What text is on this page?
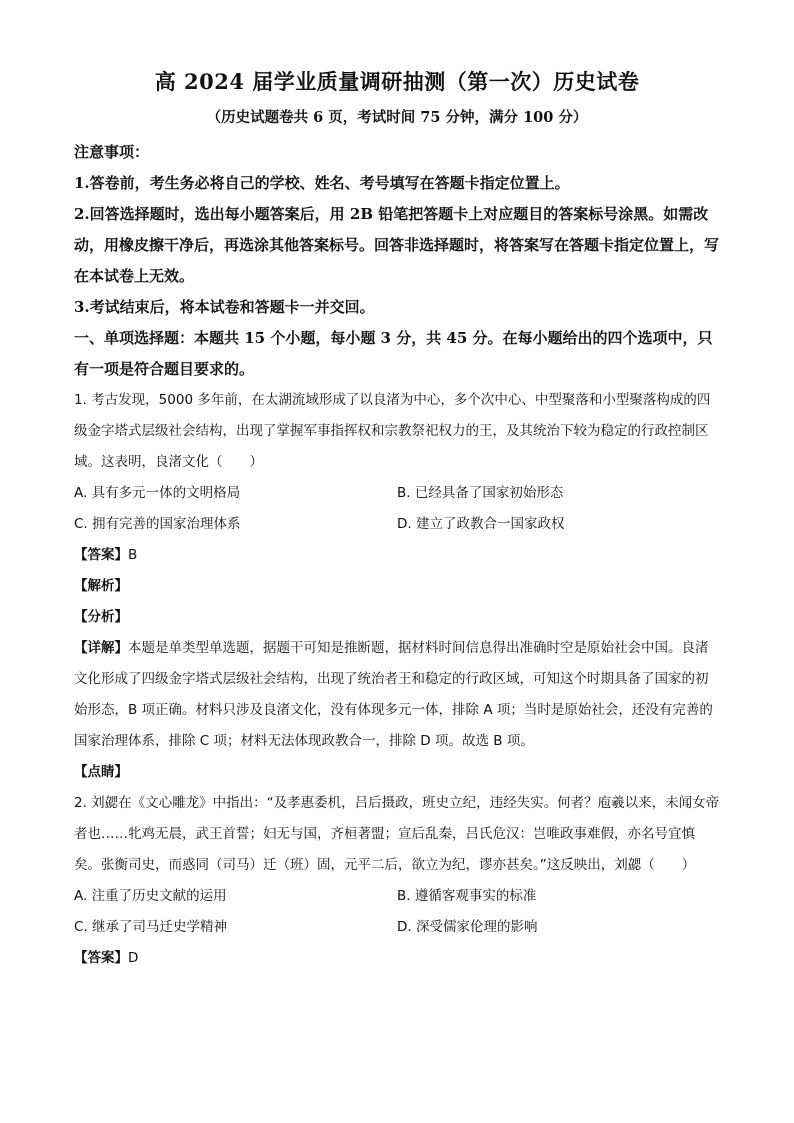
高 2024 届学业质量调研抽测（第一次）历史试卷
（历史试题卷共 6 页，考试时间 75 分钟，满分 100 分）

注意事项：

1.答卷前，考生务必将自己的学校、姓名、考号填写在答题卡指定位置上。

2.回答选择题时，选出每小题答案后，用 2B 铅笔把答题卡上对应题目的答案标号涂黑。如需改动，用橡皮擦干净后，再选涂其他答案标号。回答非选择题时，将答案写在答题卡指定位置上，写在本试卷上无效。

3.考试结束后，将本试卷和答题卡一并交回。

一、单项选择题：本题共 15 个小题，每小题 3 分，共 45 分。在每小题给出的四个选项中，只有一项是符合题目要求的。

1. 考古发现，5000 多年前，在太湖流域形成了以良渚为中心，多个次中心、中型聚落和小型聚落构成的四级金字塔式层级社会结构，出现了掌握军事指挥权和宗教祭祀权力的王，及其统治下较为稳定的行政控制区域。这表明，良渚文化（　　）

A. 具有多元一体的文明格局	B. 已经具备了国家初始形态
C. 拥有完善的国家治理体系	D. 建立了政教合一国家政权

【答案】B

【解析】

【分析】

【详解】本题是单类型单选题，据题干可知是推断题，据材料时间信息得出准确时空是原始社会中国。良渚文化形成了四级金字塔式层级社会结构，出现了统治者王和稳定的行政区域，可知这个时期具备了国家的初始形态，B 项正确。材料只涉及良渚文化，没有体现多元一体，排除 A 项；当时是原始社会，还没有完善的国家治理体系，排除 C 项；材料无法体现政教合一，排除 D 项。故选 B 项。

【点睛】

2. 刘勰在《文心雕龙》中指出：“及孝惠委机，吕后摄政，班史立纪，违经失实。何者？庖羲以来，未闻女帝者也……牝鸡无晨，武王首誓；妇无与国，齐桓著盟；宣后乱秦，吕氏危汉：岂唯政事难假，亦名号宜慎矣。张衡司史，而惑同（司马）迁（班）固，元平二后，欲立为纪，谬亦甚矣。”这反映出，刘勰（　　）

A. 注重了历史文献的运用	B. 遵循客观事实的标准
C. 继承了司马迁史学精神	D. 深受儒家伦理的影响

【答案】D
